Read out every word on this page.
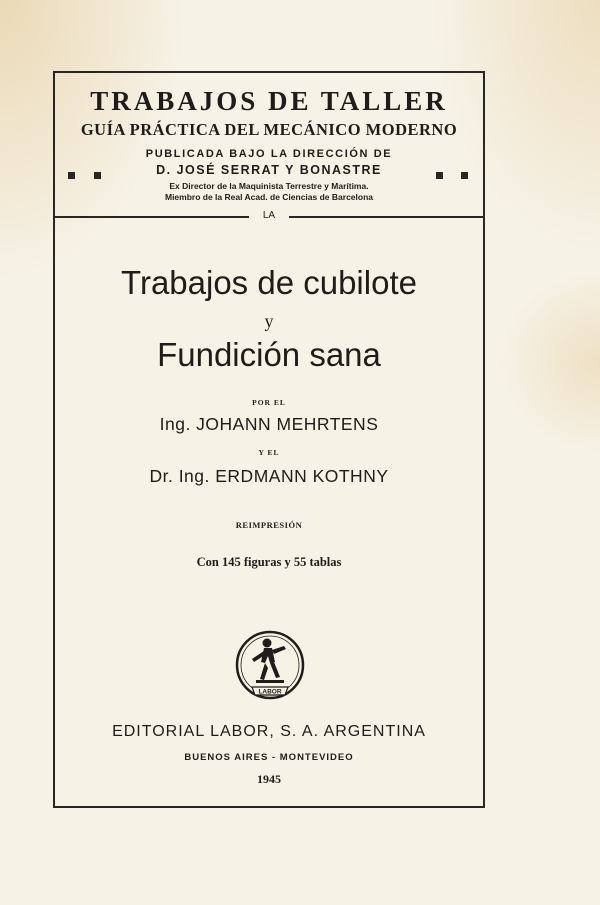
TRABAJOS DE TALLER
GUÍA PRÁCTICA DEL MECÁNICO MODERNO
PUBLICADA BAJO LA DIRECCIÓN DE
D. JOSÉ SERRAT Y BONASTRE
Ex Director de la Maquinista Terrestre y Marítima.
Miembro de la Real Acad. de Ciencias de Barcelona
LA
Trabajos de cubilote
y
Fundición sana
POR EL
Ing. JOHANN MEHRTENS
Y EL
Dr. Ing. ERDMANN KOTHNY
REIMPRESIÓN
Con 145 figuras y 55 tablas
LABOR
EDITORIAL LABOR, S. A. ARGENTINA
BUENOS AIRES - MONTEVIDEO
1945
